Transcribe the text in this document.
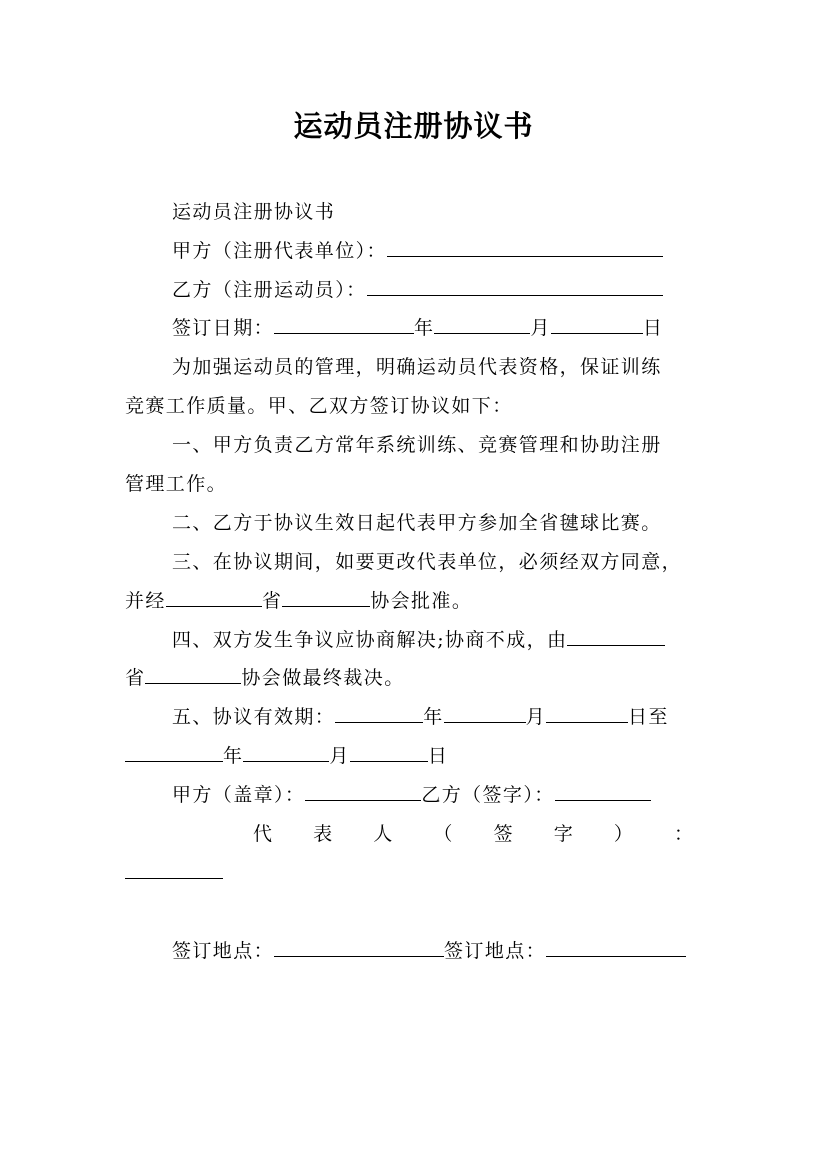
运动员注册协议书

运动员注册协议书

甲方（注册代表单位）：

乙方（注册运动员）：

签订日期：	年	月	日

为加强运动员的管理，明确运动员代表资格，保证训练

竞赛工作质量。甲、乙双方签订协议如下：

一、甲方负责乙方常年系统训练、竞赛管理和协助注册

管理工作。

二、乙方于协议生效日起代表甲方参加全省毽球比赛。

三、在协议期间，如要更改代表单位，必须经双方同意，

并经	省	协会批准。

四、双方发生争议应协商解决;协商不成，由

省	协会做最终裁决。

五、协议有效期：	年	月	日至

年	月	日

甲方（盖章）：	乙方（签字）：

代 表 人 （ 签 字 ） ：

签订地点：	签订地点：
